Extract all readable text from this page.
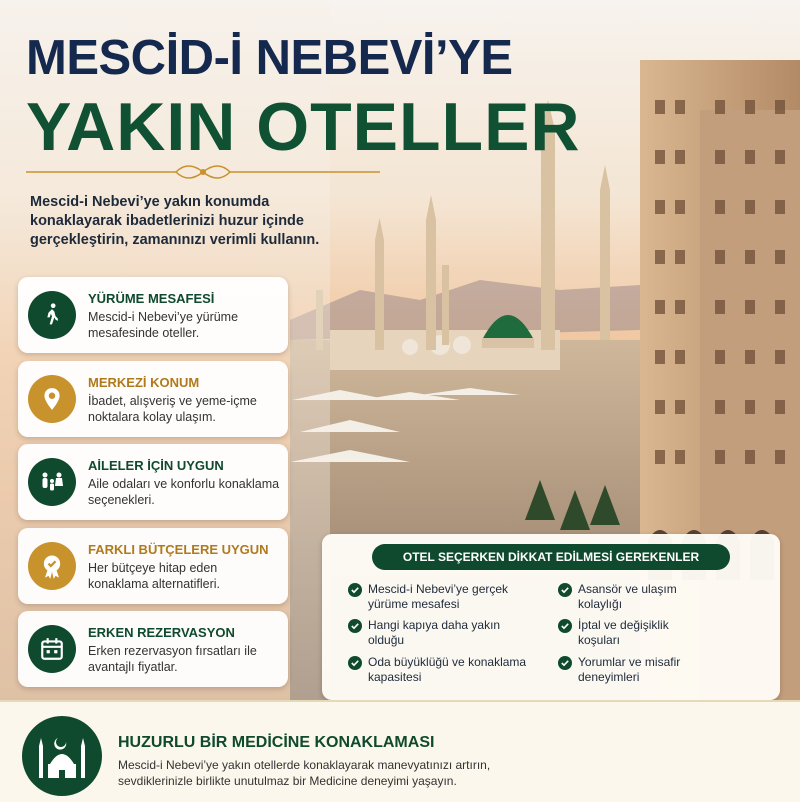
MESCİD-İ NEBEVİ’YE
YAKIN OTELLER
Mescid-i Nebevi’ye yakın konumda konaklayarak ibadetlerinizi huzur içinde gerçekleştirin, zamanınızı verimli kullanın.
YÜRÜME MESAFESİ
Mescid-i Nebevi’ye yürüme mesafesinde oteller.
MERKEZİ KONUM
İbadet, alışveriş ve yeme-içme noktalara kolay ulaşım.
AİLELER İÇİN UYGUN
Aile odaları ve konforlu konaklama seçenekleri.
FARKLI BÜTÇELERE UYGUN
Her bütçeye hitap eden konaklama alternatifleri.
ERKEN REZERVASYON
Erken rezervasyon fırsatları ile avantajlı fiyatlar.
OTEL SEÇERKEN DİKKAT EDİLMESİ GEREKENLER
Mescid-i Nebevi’ye gerçek yürüme mesafesi
Hangi kapıya daha yakın olduğu
Oda büyüklüğü ve konaklama kapasitesi
Asansör ve ulaşım kolaylığı
İptal ve değişiklik koşuları
Yorumlar ve misafir deneyimleri
HUZURLU BİR MEDİCİNE KONAKLAMASI
Mescid-i Nebevi’ye yakın otellerde konaklayarak manevyatınızı artırın, sevdiklerinizle birlikte unutulmaz bir Medicine deneyimi yaşayın.
